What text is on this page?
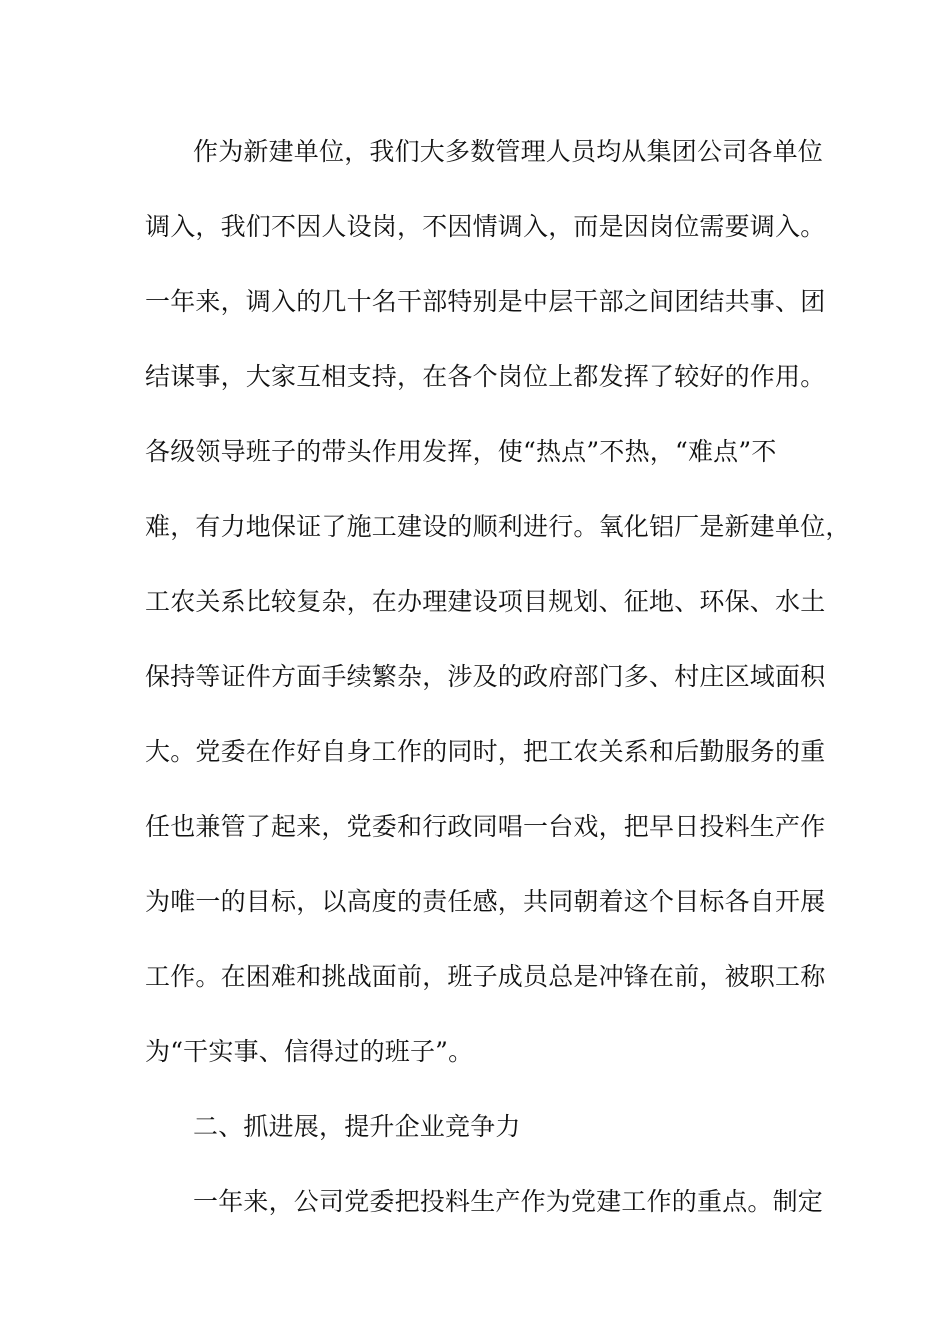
作为新建单位，我们大多数管理人员均从集团公司各单位
调入，我们不因人设岗，不因情调入，而是因岗位需要调入。
一年来，调入的几十名干部特别是中层干部之间团结共事、团
结谋事，大家互相支持，在各个岗位上都发挥了较好的作用。
各级领导班子的带头作用发挥，使“热点”不热，“难点”不
难，有力地保证了施工建设的顺利进行。氧化铝厂是新建单位，
工农关系比较复杂，在办理建设项目规划、征地、环保、水土
保持等证件方面手续繁杂，涉及的政府部门多、村庄区域面积
大。党委在作好自身工作的同时，把工农关系和后勤服务的重
任也兼管了起来，党委和行政同唱一台戏，把早日投料生产作
为唯一的目标，以高度的责任感，共同朝着这个目标各自开展
工作。在困难和挑战面前，班子成员总是冲锋在前，被职工称
为“干实事、信得过的班子”。
二、抓进展，提升企业竞争力
一年来，公司党委把投料生产作为党建工作的重点。制定
